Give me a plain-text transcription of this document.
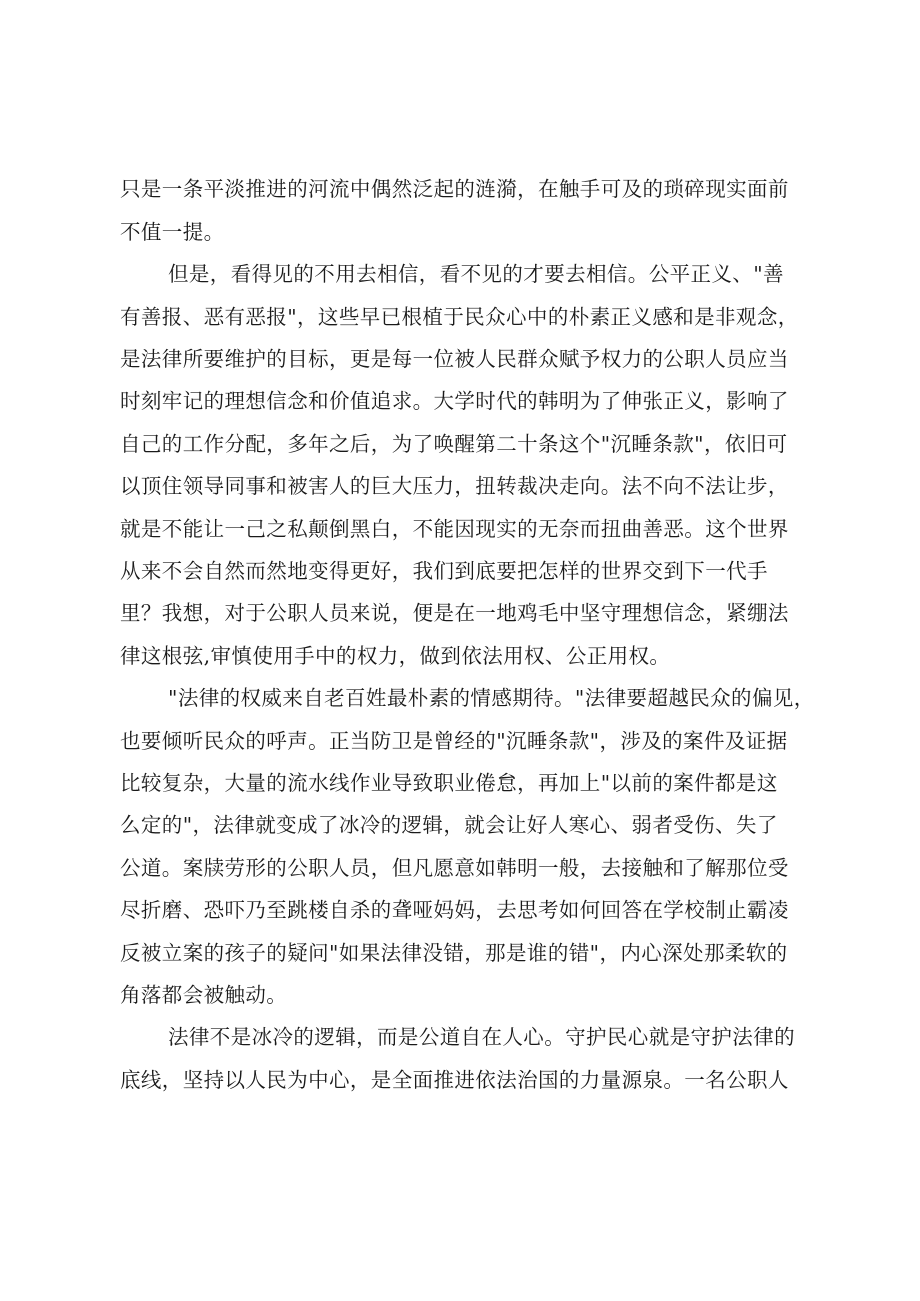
只是一条平淡推进的河流中偶然泛起的涟漪，在触手可及的琐碎现实面前

不值一提。

但是，看得见的不用去相信，看不见的才要去相信。公平正义、"善

有善报、恶有恶报"，这些早已根植于民众心中的朴素正义感和是非观念，

是法律所要维护的目标，更是每一位被人民群众赋予权力的公职人员应当

时刻牢记的理想信念和价值追求。大学时代的韩明为了伸张正义，影响了

自己的工作分配，多年之后，为了唤醒第二十条这个"沉睡条款"，依旧可

以顶住领导同事和被害人的巨大压力，扭转裁决走向。法不向不法让步，

就是不能让一己之私颠倒黑白，不能因现实的无奈而扭曲善恶。这个世界

从来不会自然而然地变得更好，我们到底要把怎样的世界交到下一代手

里？我想，对于公职人员来说，便是在一地鸡毛中坚守理想信念，紧绷法

律这根弦,审慎使用手中的权力，做到依法用权、公正用权。

"法律的权威来自老百姓最朴素的情感期待。"法律要超越民众的偏见，

也要倾听民众的呼声。正当防卫是曾经的"沉睡条款"，涉及的案件及证据

比较复杂，大量的流水线作业导致职业倦怠，再加上"以前的案件都是这

么定的"，法律就变成了冰冷的逻辑，就会让好人寒心、弱者受伤、失了

公道。案牍劳形的公职人员，但凡愿意如韩明一般，去接触和了解那位受

尽折磨、恐吓乃至跳楼自杀的聋哑妈妈，去思考如何回答在学校制止霸凌

反被立案的孩子的疑问"如果法律没错，那是谁的错"，内心深处那柔软的

角落都会被触动。

法律不是冰冷的逻辑，而是公道自在人心。守护民心就是守护法律的

底线，坚持以人民为中心，是全面推进依法治国的力量源泉。一名公职人
